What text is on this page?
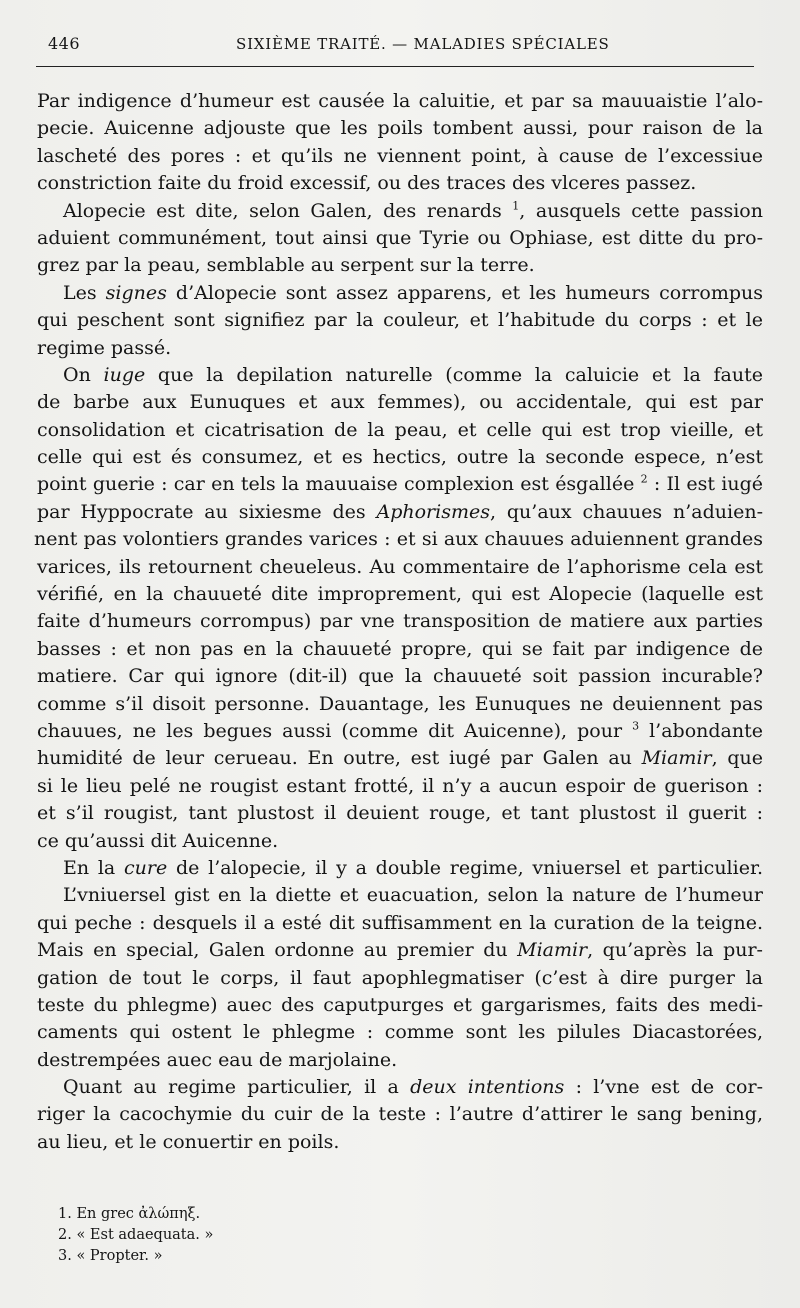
446	SIXIÈME TRAITÉ. — MALADIES SPÉCIALES
Par indigence d’humeur est causée la caluitie, et par sa mauuaistie l’alo-
pecie. Auicenne adjouste que les poils tombent aussi, pour raison de la
lascheté des pores : et qu’ils ne viennent point, à cause de l’excessiue
constriction faite du froid excessif, ou des traces des vlceres passez.
Alopecie est dite, selon Galen, des renards $^1$, ausquels cette passion
aduient communément, tout ainsi que Tyrie ou Ophiase, est ditte du pro-
grez par la peau, semblable au serpent sur la terre.
Les signes d’Alopecie sont assez apparens, et les humeurs corrompus
qui peschent sont signifiez par la couleur, et l’habitude du corps : et le
regime passé.
On iuge que la depilation naturelle (comme la caluicie et la faute
de barbe aux Eunuques et aux femmes), ou accidentale, qui est par
consolidation et cicatrisation de la peau, et celle qui est trop vieille, et
celle qui est és consumez, et es hectics, outre la seconde espece, n’est
point guerie : car en tels la mauuaise complexion est ésgallée $^2$ : Il est iugé
par Hyppocrate au sixiesme des Aphorismes, qu’aux chauues n’aduien-
nent pas volontiers grandes varices : et si aux chauues aduiennent grandes
varices, ils retournent cheueleus. Au commentaire de l’aphorisme cela est
vérifié, en la chauueté dite improprement, qui est Alopecie (laquelle est
faite d’humeurs corrompus) par vne transposition de matiere aux parties
basses : et non pas en la chauueté propre, qui se fait par indigence de
matiere. Car qui ignore (dit-il) que la chauueté soit passion incurable?
comme s’il disoit personne. Dauantage, les Eunuques ne deuiennent pas
chauues, ne les begues aussi (comme dit Auicenne), pour $^3$ l’abondante
humidité de leur cerueau. En outre, est iugé par Galen au Miamir, que
si le lieu pelé ne rougist estant frotté, il n’y a aucun espoir de guerison :
et s’il rougist, tant plustost il deuient rouge, et tant plustost il guerit :
ce qu’aussi dit Auicenne.
En la cure de l’alopecie, il y a double regime, vniuersel et particulier.
L’vniuersel gist en la diette et euacuation, selon la nature de l’humeur
qui peche : desquels il a esté dit suffisamment en la curation de la teigne.
Mais en special, Galen ordonne au premier du Miamir, qu’après la pur-
gation de tout le corps, il faut apophlegmatiser (c’est à dire purger la
teste du phlegme) auec des caputpurges et gargarismes, faits des medi-
caments qui ostent le phlegme : comme sont les pilules Diacastorées,
destrempées auec eau de marjolaine.
Quant au regime particulier, il a deux intentions : l’vne est de cor-
riger la cacochymie du cuir de la teste : l’autre d’attirer le sang bening,
au lieu, et le conuertir en poils.
1. En grec ἀλώπηξ.
2. « Est adaequata. »
3. « Propter. »
